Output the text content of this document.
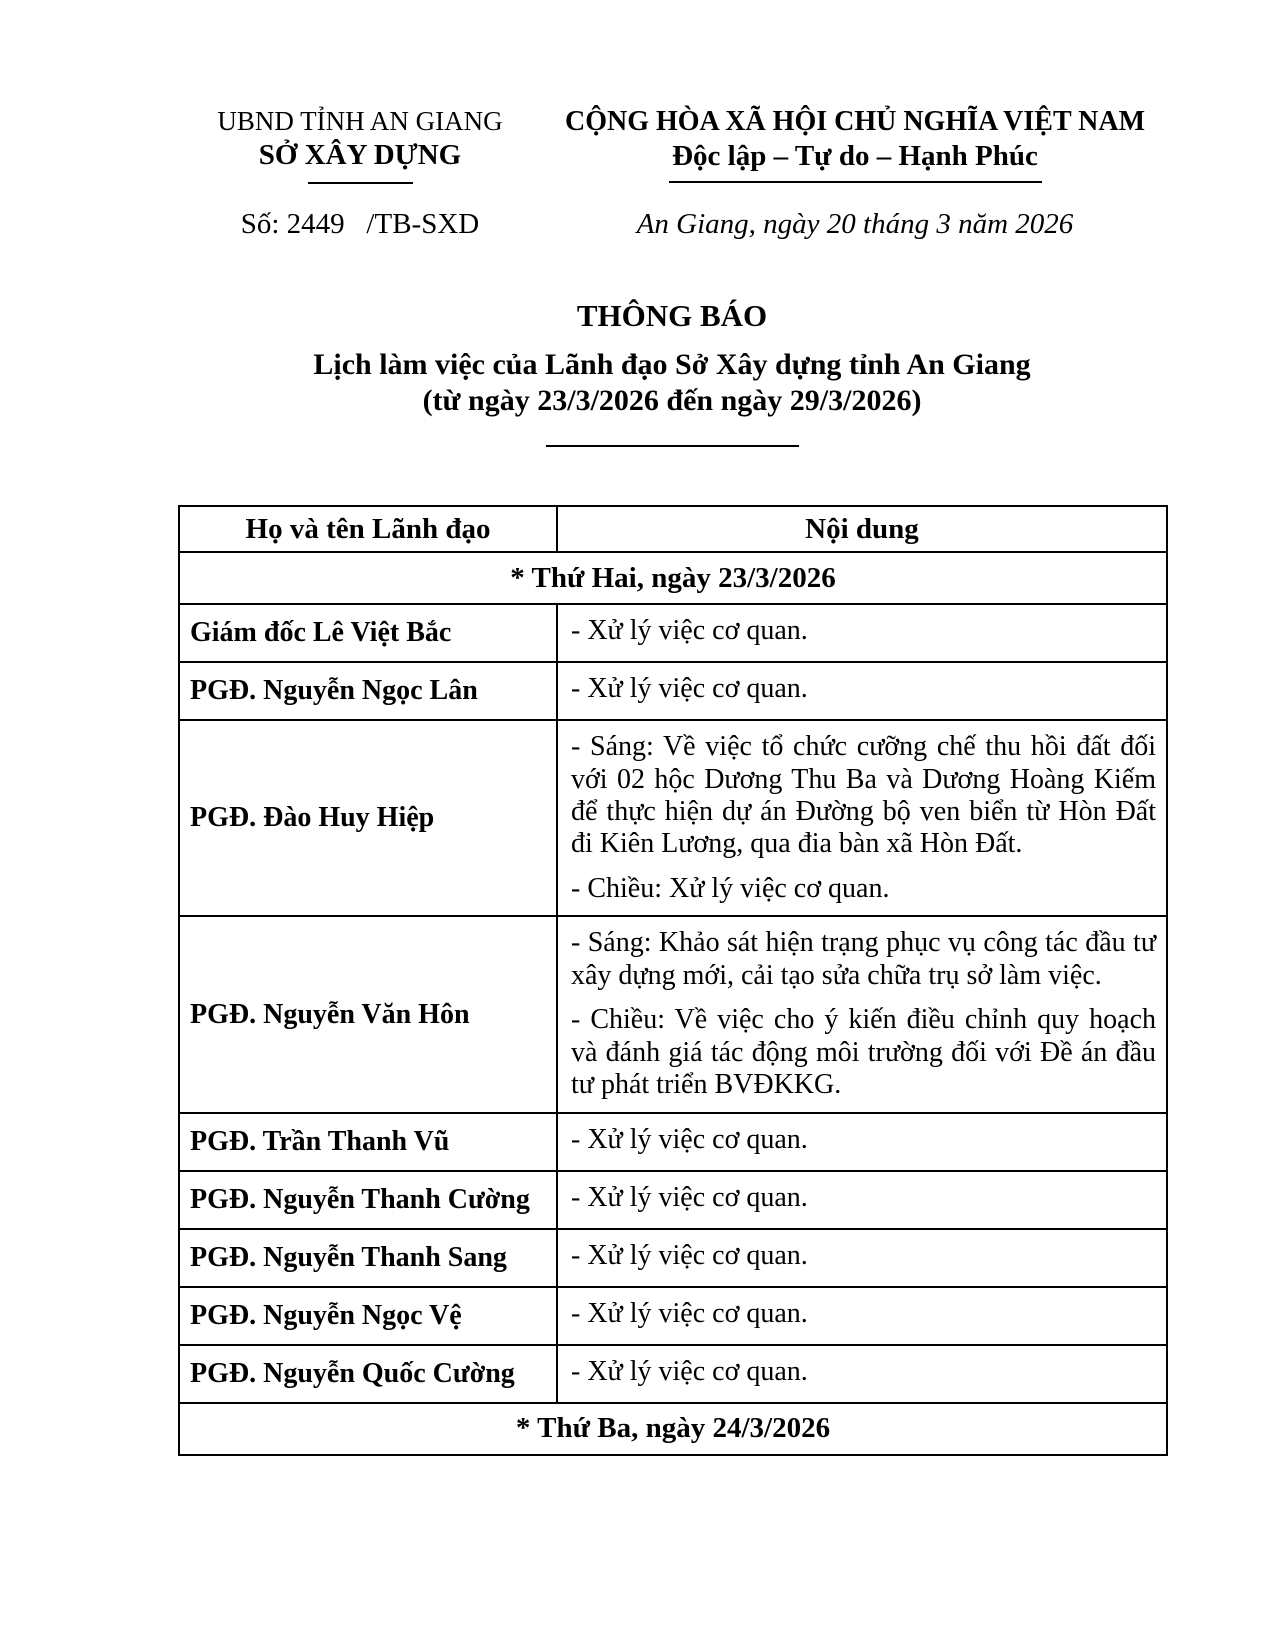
UBND TỈNH AN GIANG
SỞ XÂY DỰNG
CỘNG HÒA XÃ HỘI CHỦ NGHĨA VIỆT NAM
Độc lập – Tự do – Hạnh Phúc
Số: 2449   /TB-SXD	An Giang, ngày 20 tháng 3 năm 2026
THÔNG BÁO
Lịch làm việc của Lãnh đạo Sở Xây dựng tỉnh An Giang
(từ ngày 23/3/2026 đến ngày 29/3/2026)
Họ và tên Lãnh đạo	Nội dung
* Thứ Hai, ngày 23/3/2026	
Giám đốc Lê Việt Bắc	- Xử lý việc cơ quan.

PGĐ. Nguyễn Ngọc Lân	- Xử lý việc cơ quan.

PGĐ. Đào Huy Hiệp	- Sáng: Về việc tổ chức cưỡng chế thu hồi đất đối với 02 hộc Dương Thu Ba và Dương Hoàng Kiếm để thực hiện dự án Đường bộ ven biển từ Hòn Đất đi Kiên Lương, qua đia bàn xã Hòn Đất.

- Chiều: Xử lý việc cơ quan.

PGĐ. Nguyễn Văn Hôn	- Sáng: Khảo sát hiện trạng phục vụ công tác đầu tư xây dựng mới, cải tạo sửa chữa trụ sở làm việc.

- Chiều: Về việc cho ý kiến điều chỉnh quy hoạch và đánh giá tác động môi trường đối với Đề án đầu tư phát triển BVĐKKG.

PGĐ. Trần Thanh Vũ	- Xử lý việc cơ quan.

PGĐ. Nguyễn Thanh Cường	- Xử lý việc cơ quan.

PGĐ. Nguyễn Thanh Sang	- Xử lý việc cơ quan.

PGĐ. Nguyễn Ngọc Vệ	- Xử lý việc cơ quan.

PGĐ. Nguyễn Quốc Cường	- Xử lý việc cơ quan.

* Thứ Ba, ngày 24/3/2026	
